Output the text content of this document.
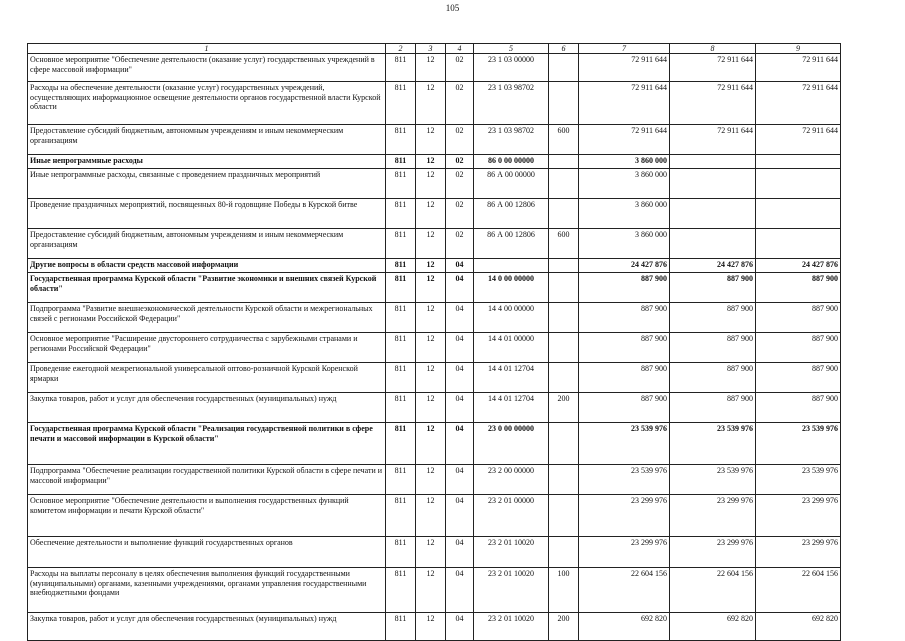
105
1	2	3	4	5	6	7	8	9
Основное мероприятие "Обеспечение деятельности (оказание услуг) государственных учреждений в сфере массовой информации"	811	12	02	23 1 03 00000		72 911 644	72 911 644	72 911 644
Расходы на обеспечение деятельности (оказание услуг) государственных учреждений, осуществляющих информационное освещение деятельности органов государственной власти Курской области	811	12	02	23 1 03 98702		72 911 644	72 911 644	72 911 644
Предоставление субсидий бюджетным, автономным учреждениям и иным некоммерческим организациям	811	12	02	23 1 03 98702	600	72 911 644	72 911 644	72 911 644
Иные непрограммные расходы	811	12	02	86 0 00 00000		3 860 000		
Иные непрограммные расходы, связанные с проведением праздничных мероприятий	811	12	02	86 А 00 00000		3 860 000		
Проведение праздничных мероприятий, посвященных 80-й годовщине Победы в Курской битве	811	12	02	86 А 00 12806		3 860 000		
Предоставление субсидий бюджетным, автономным учреждениям и иным некоммерческим организациям	811	12	02	86 А 00 12806	600	3 860 000		
Другие вопросы в области средств массовой информации	811	12	04			24 427 876	24 427 876	24 427 876
Государственная программа Курской области "Развитие экономики и внешних связей Курской области"	811	12	04	14 0 00 00000		887 900	887 900	887 900
Подпрограмма "Развитие внешнеэкономической деятельности Курской области и межрегиональных связей с регионами Российской Федерации"	811	12	04	14 4 00 00000		887 900	887 900	887 900
Основное мероприятие "Расширение двустороннего сотрудничества с зарубежными странами и регионами Российской Федерации"	811	12	04	14 4 01 00000		887 900	887 900	887 900
Проведение ежегодной межрегиональной универсальной оптово-розничной Курской Коренской ярмарки	811	12	04	14 4 01 12704		887 900	887 900	887 900
Закупка товаров, работ и услуг для обеспечения государственных (муниципальных) нужд	811	12	04	14 4 01 12704	200	887 900	887 900	887 900
Государственная программа Курской области "Реализация государственной политики в сфере печати и массовой информации в Курской области"	811	12	04	23 0 00 00000		23 539 976	23 539 976	23 539 976
Подпрограмма "Обеспечение реализации государственной политики Курской области в сфере печати и массовой информации"	811	12	04	23 2 00 00000		23 539 976	23 539 976	23 539 976
Основное мероприятие "Обеспечение деятельности и выполнения государственных функций комитетом информации и печати Курской области"	811	12	04	23 2 01 00000		23 299 976	23 299 976	23 299 976
Обеспечение деятельности и выполнение функций государственных органов	811	12	04	23 2 01 10020		23 299 976	23 299 976	23 299 976
Расходы на выплаты персоналу в целях обеспечения выполнения функций государственными (муниципальными) органами, казенными учреждениями, органами управления государственными внебюджетными фондами	811	12	04	23 2 01 10020	100	22 604 156	22 604 156	22 604 156
Закупка товаров, работ и услуг для обеспечения государственных (муниципальных) нужд	811	12	04	23 2 01 10020	200	692 820	692 820	692 820
